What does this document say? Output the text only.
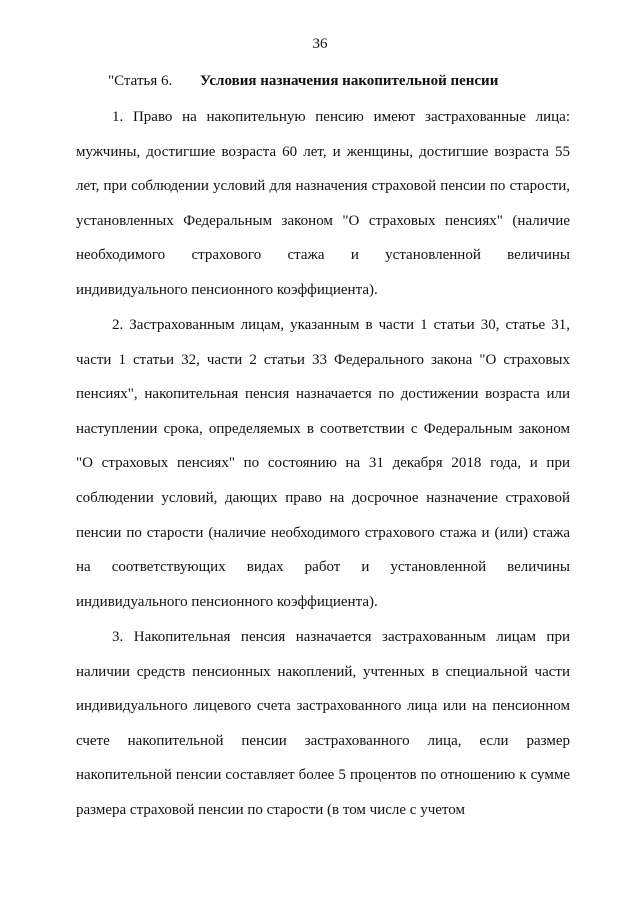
36
"Статья 6. Условия назначения накопительной пенсии

1. Право на накопительную пенсию имеют застрахованные лица: мужчины, достигшие возраста 60 лет, и женщины, достигшие возраста 55 лет, при соблюдении условий для назначения страховой пенсии по старости, установленных Федеральным законом "О страховых пенсиях" (наличие необходимого страхового стажа и установленной величины индивидуального пенсионного коэффициента).

2. Застрахованным лицам, указанным в части 1 статьи 30, статье 31, части 1 статьи 32, части 2 статьи 33 Федерального закона "О страховых пенсиях", накопительная пенсия назначается по достижении возраста или наступлении срока, определяемых в соответствии с Федеральным законом "О страховых пенсиях" по состоянию на 31 декабря 2018 года, и при соблюдении условий, дающих право на досрочное назначение страховой пенсии по старости (наличие необходимого страхового стажа и (или) стажа на соответствующих видах работ и установленной величины индивидуального пенсионного коэффициента).

3. Накопительная пенсия назначается застрахованным лицам при наличии средств пенсионных накоплений, учтенных в специальной части индивидуального лицевого счета застрахованного лица или на пенсионном счете накопительной пенсии застрахованного лица, если размер накопительной пенсии составляет более 5 процентов по отношению к сумме размера страховой пенсии по старости (в том числе с учетом
